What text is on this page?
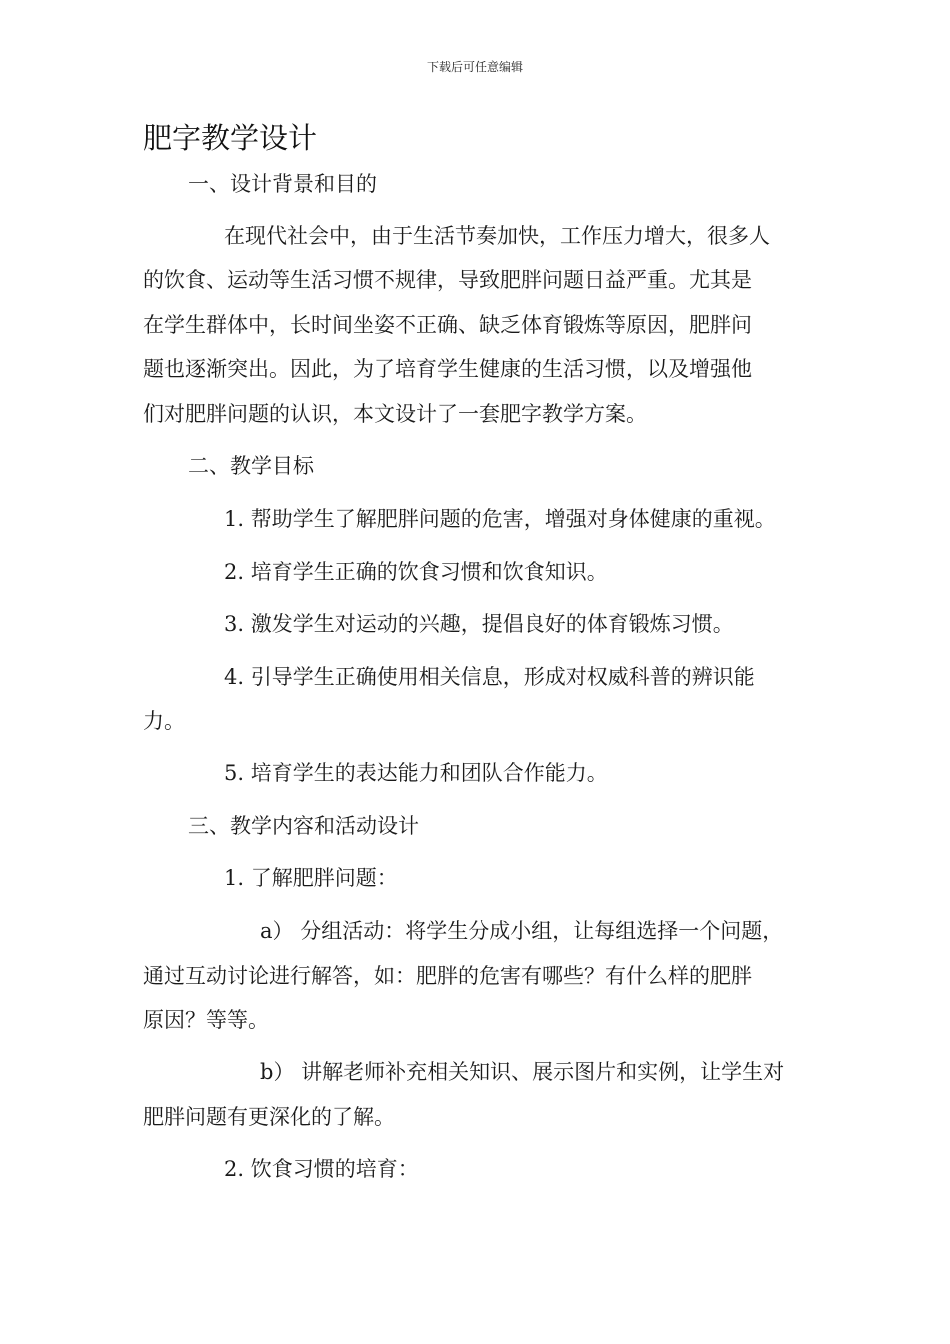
下载后可任意编辑
肥字教学设计
一、设计背景和目的
在现代社会中，由于生活节奏加快，工作压力增大，很多人
的饮食、运动等生活习惯不规律，导致肥胖问题日益严重。尤其是
在学生群体中，长时间坐姿不正确、缺乏体育锻炼等原因，肥胖问
题也逐渐突出。因此，为了培育学生健康的生活习惯，以及增强他
们对肥胖问题的认识，本文设计了一套肥字教学方案。
二、教学目标
1. 帮助学生了解肥胖问题的危害，增强对身体健康的重视。
2. 培育学生正确的饮食习惯和饮食知识。
3. 激发学生对运动的兴趣，提倡良好的体育锻炼习惯。
4. 引导学生正确使用相关信息，形成对权威科普的辨识能
力。
5. 培育学生的表达能力和团队合作能力。
三、教学内容和活动设计
1. 了解肥胖问题：
a） 分组活动：将学生分成小组，让每组选择一个问题，
通过互动讨论进行解答，如：肥胖的危害有哪些？有什么样的肥胖
原因？等等。
b） 讲解老师补充相关知识、展示图片和实例，让学生对
肥胖问题有更深化的了解。
2. 饮食习惯的培育：
